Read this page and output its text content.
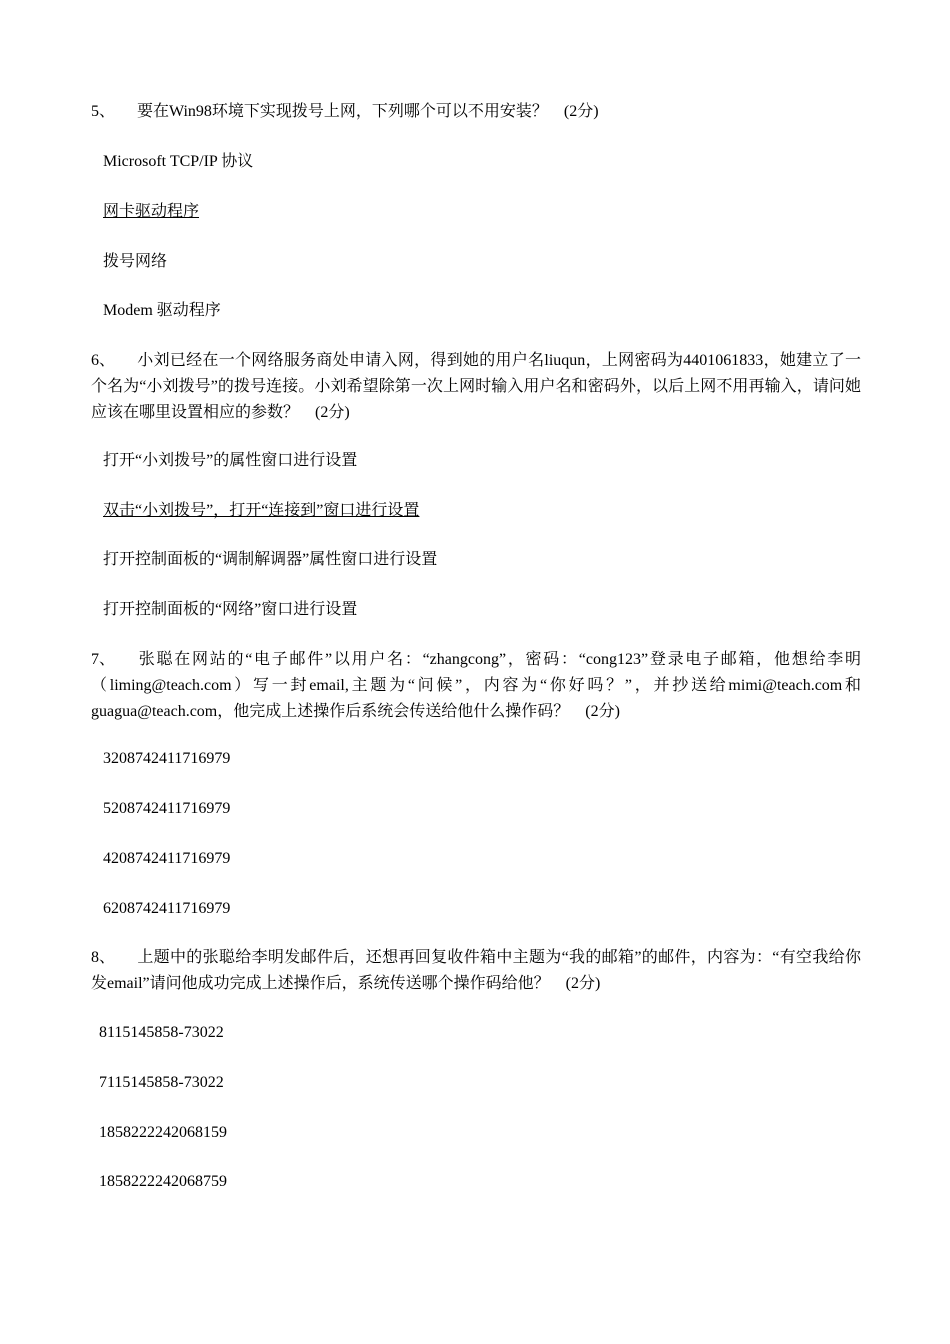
5、 要在Win98环境下实现拨号上网，下列哪个可以不用安装？　(2分)
Microsoft TCP/IP 协议
网卡驱动程序
拨号网络
Modem 驱动程序
6、 小刘已经在一个网络服务商处申请入网，得到她的用户名liuqun，上网密码为4401061833，她建立了一个名为“小刘拨号”的拨号连接。小刘希望除第一次上网时输入用户名和密码外，以后上网不用再输入，请问她应该在哪里设置相应的参数？　(2分)
打开“小刘拨号”的属性窗口进行设置
双击“小刘拨号”，打开“连接到”窗口进行设置
打开控制面板的“调制解调器”属性窗口进行设置
打开控制面板的“网络”窗口进行设置
7、 张聪在网站的“电子邮件”以用户名：“zhangcong”，密码：“cong123”登录电子邮箱，他想给李明（liming@teach.com）写一封email,主题为“问候”，内容为“你好吗？”，并抄送给mimi@teach.com和guagua@teach.com，他完成上述操作后系统会传送给他什么操作码？　(2分)
3208742411716979
5208742411716979
4208742411716979
6208742411716979
8、 上题中的张聪给李明发邮件后，还想再回复收件箱中主题为“我的邮箱”的邮件，内容为：“有空我给你发email”请问他成功完成上述操作后，系统传送哪个操作码给他？　(2分)
8115145858-73022
7115145858-73022
1858222242068159
1858222242068759
